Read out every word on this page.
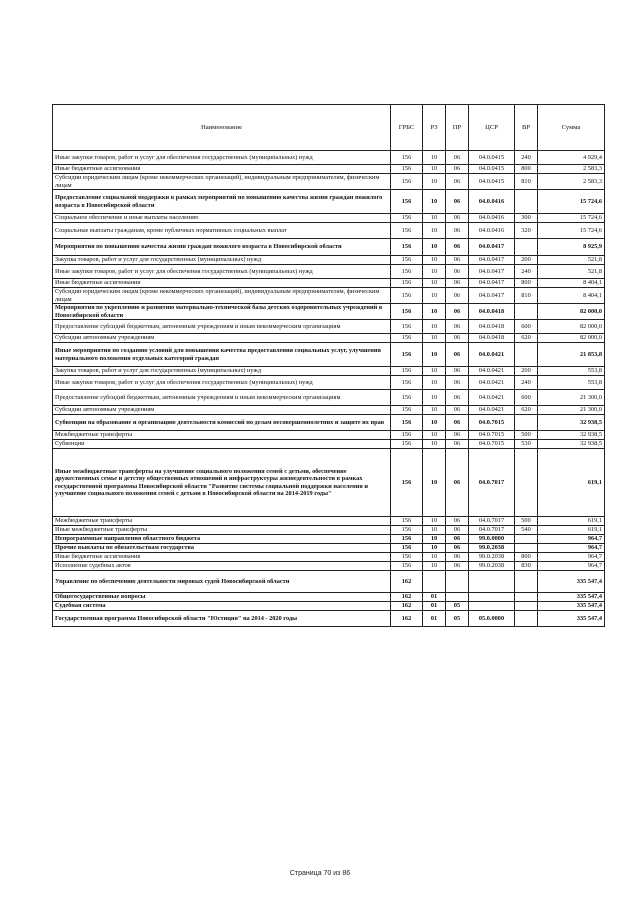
Наименование	ГРБС	РЗ	ПР	ЦСР	ВР	Сумма
Иные закупки товаров, работ и услуг для обеспечения государственных (муниципальных) нужд	156	10	06	04.0.0415	240	4 929,4
Иные бюджетные ассигнования	156	10	06	04.0.0415	800	2 583,3
Субсидии юридическим лицам (кроме некоммерческих организаций), индивидуальным предпринимателям, физическим лицам	156	10	06	04.0.0415	810	2 583,3
Предоставление социальной поддержки в рамках мероприятий по повышению качества жизни граждан пожилого возраста в Новосибирской области	156	10	06	04.0.0416		15 724,6
Социальное обеспечение и иные выплаты населению	156	10	06	04.0.0416	300	15 724,6
Социальные выплаты гражданам, кроме публичных нормативных социальных выплат	156	10	06	04.0.0416	320	15 724,6
Мероприятия по повышению качества жизни граждан пожилого возраста в Новосибирской области	156	10	06	04.0.0417		8 925,9
Закупка товаров, работ и услуг для государственных (муниципальных) нужд	156	10	06	04.0.0417	200	521,8
Иные закупки товаров, работ и услуг для обеспечения государственных (муниципальных) нужд	156	10	06	04.0.0417	240	521,8
Иные бюджетные ассигнования	156	10	06	04.0.0417	800	8 404,1
Субсидии юридическим лицам (кроме некоммерческих организаций), индивидуальным предпринимателям, физическим лицам	156	10	06	04.0.0417	810	8 404,1
Мероприятия по укреплению и развитию материально-технической базы детских оздоровительных учреждений в Новосибирской области	156	10	06	04.0.0418		82 000,0
Предоставление субсидий бюджетным, автономным учреждениям и иным некоммерческим организациям	156	10	06	04.0.0418	600	82 000,0
Субсидии автономным учреждениям	156	10	06	04.0.0418	620	82 000,0
Иные мероприятия по созданию условий для повышения качества предоставления социальных услуг, улучшения материального положения отдельных категорий граждан	156	10	06	04.0.0421		21 853,8
Закупка товаров, работ и услуг для государственных (муниципальных) нужд	156	10	06	04.0.0421	200	553,8
Иные закупки товаров, работ и услуг для обеспечения государственных (муниципальных) нужд	156	10	06	04.0.0421	240	553,8
Предоставление субсидий бюджетным, автономным учреждениям и иным некоммерческим организациям	156	10	06	04.0.0421	600	21 300,0
Субсидии автономным учреждениям	156	10	06	04.0.0421	620	21 300,0
Субвенции на образование и организацию деятельности комиссий по делам несовершеннолетних и защите их прав	156	10	06	04.0.7015		32 938,5
Межбюджетные трансферты	156	10	06	04.0.7015	500	32 938,5
Субвенции	156	10	06	04.0.7015	530	32 938,5
Иные межбюджетные трансферты на улучшение социального положения семей с детьми, обеспечение дружественных семье и детству общественных отношений и инфраструктуры жизнедеятельности в рамках государственной программы Новосибирской области "Развитие системы социальной поддержки населения и улучшение социального положения семей с детьми в Новосибирской области на 2014-2019 годы"	156	10	06	04.0.7017		619,1
Межбюджетные трансферты	156	10	06	04.0.7017	500	619,1
Иные межбюджетные трансферты	156	10	06	04.0.7017	540	619,1
Непрограммные направления областного бюджета	156	10	06	99.0.0000		964,7
Прочие выплаты по обязательствам государства	156	10	06	99.0.2038		964,7
Иные бюджетные ассигнования	156	10	06	99.0.2038	800	964,7
Исполнение судебных актов	156	10	06	99.0.2038	830	964,7
Управление по обеспечению деятельности мировых судей Новосибирской области	162					335 547,4
Общегосударственные вопросы	162	01				335 547,4
Судебная система	162	01	05			335 547,4
Государственная программа Новосибирской области "Юстиция" на 2014 - 2020 годы	162	01	05	05.0.0000		335 547,4
Страница 70 из 86
